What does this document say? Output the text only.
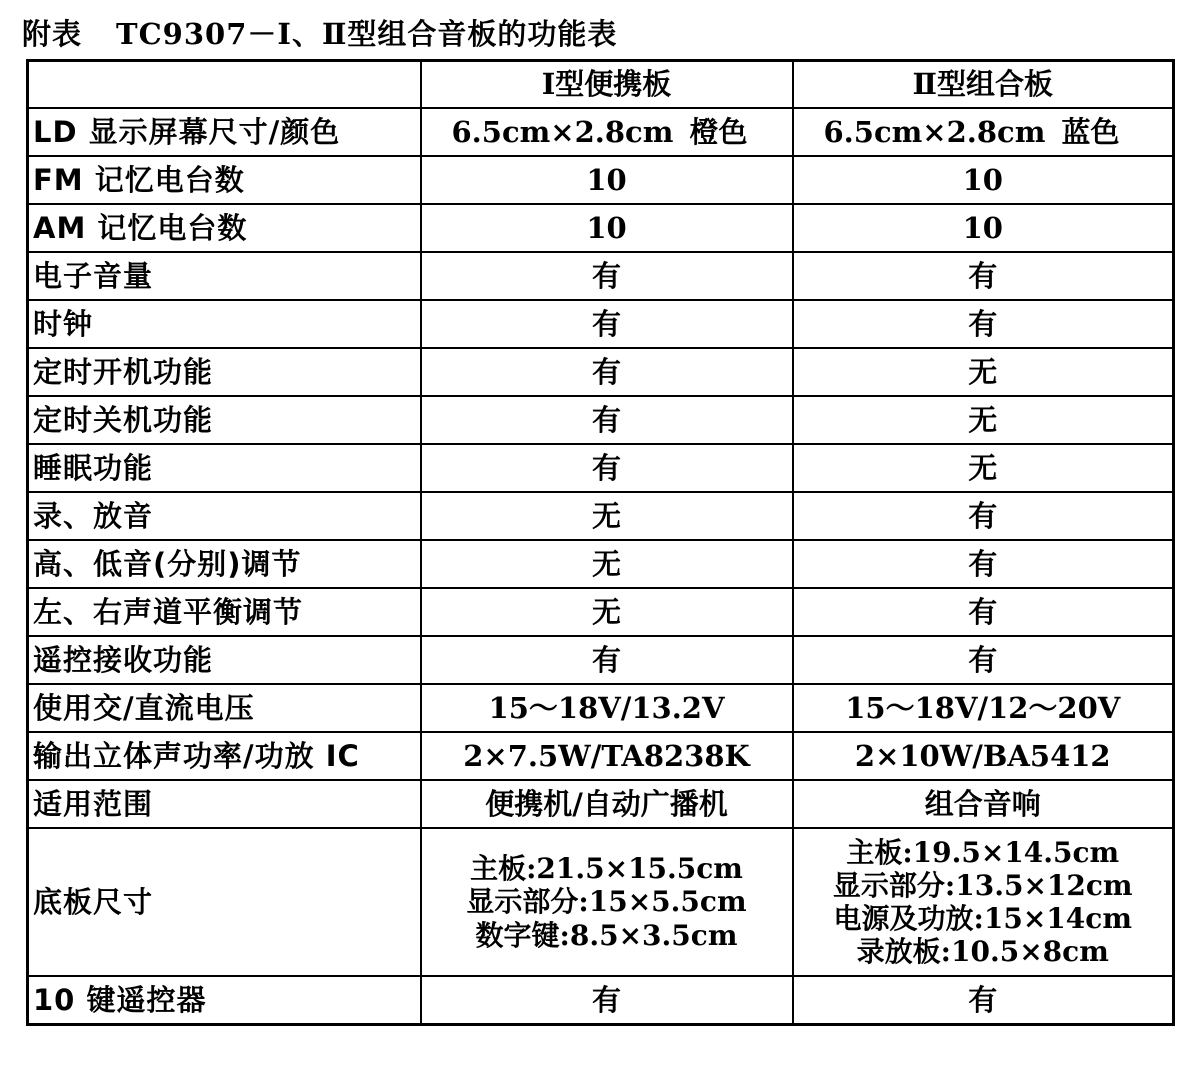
附表 TC9307－Ⅰ、Ⅱ型组合音板的功能表
	Ⅰ型便携板	Ⅱ型组合板
LD 显示屏幕尺寸/颜色	6.5cm×2.8cm 橙色	6.5cm×2.8cm 蓝色
FM 记忆电台数	10	10
AM 记忆电台数	10	10
电子音量	有	有
时钟	有	有
定时开机功能	有	无
定时关机功能	有	无
睡眠功能	有	无
录、放音	无	有
高、低音(分别)调节	无	有
左、右声道平衡调节	无	有
遥控接收功能	有	有
使用交/直流电压	15～18V/13.2V	15～18V/12～20V
输出立体声功率/功放 IC	2×7.5W/TA8238K	2×10W/BA5412
适用范围	便携机/自动广播机	组合音响
底板尺寸	主板:21.5×15.5cm
显示部分:15×5.5cm
数字键:8.5×3.5cm	主板:19.5×14.5cm
显示部分:13.5×12cm
电源及功放:15×14cm
录放板:10.5×8cm

10 键遥控器	有	有
